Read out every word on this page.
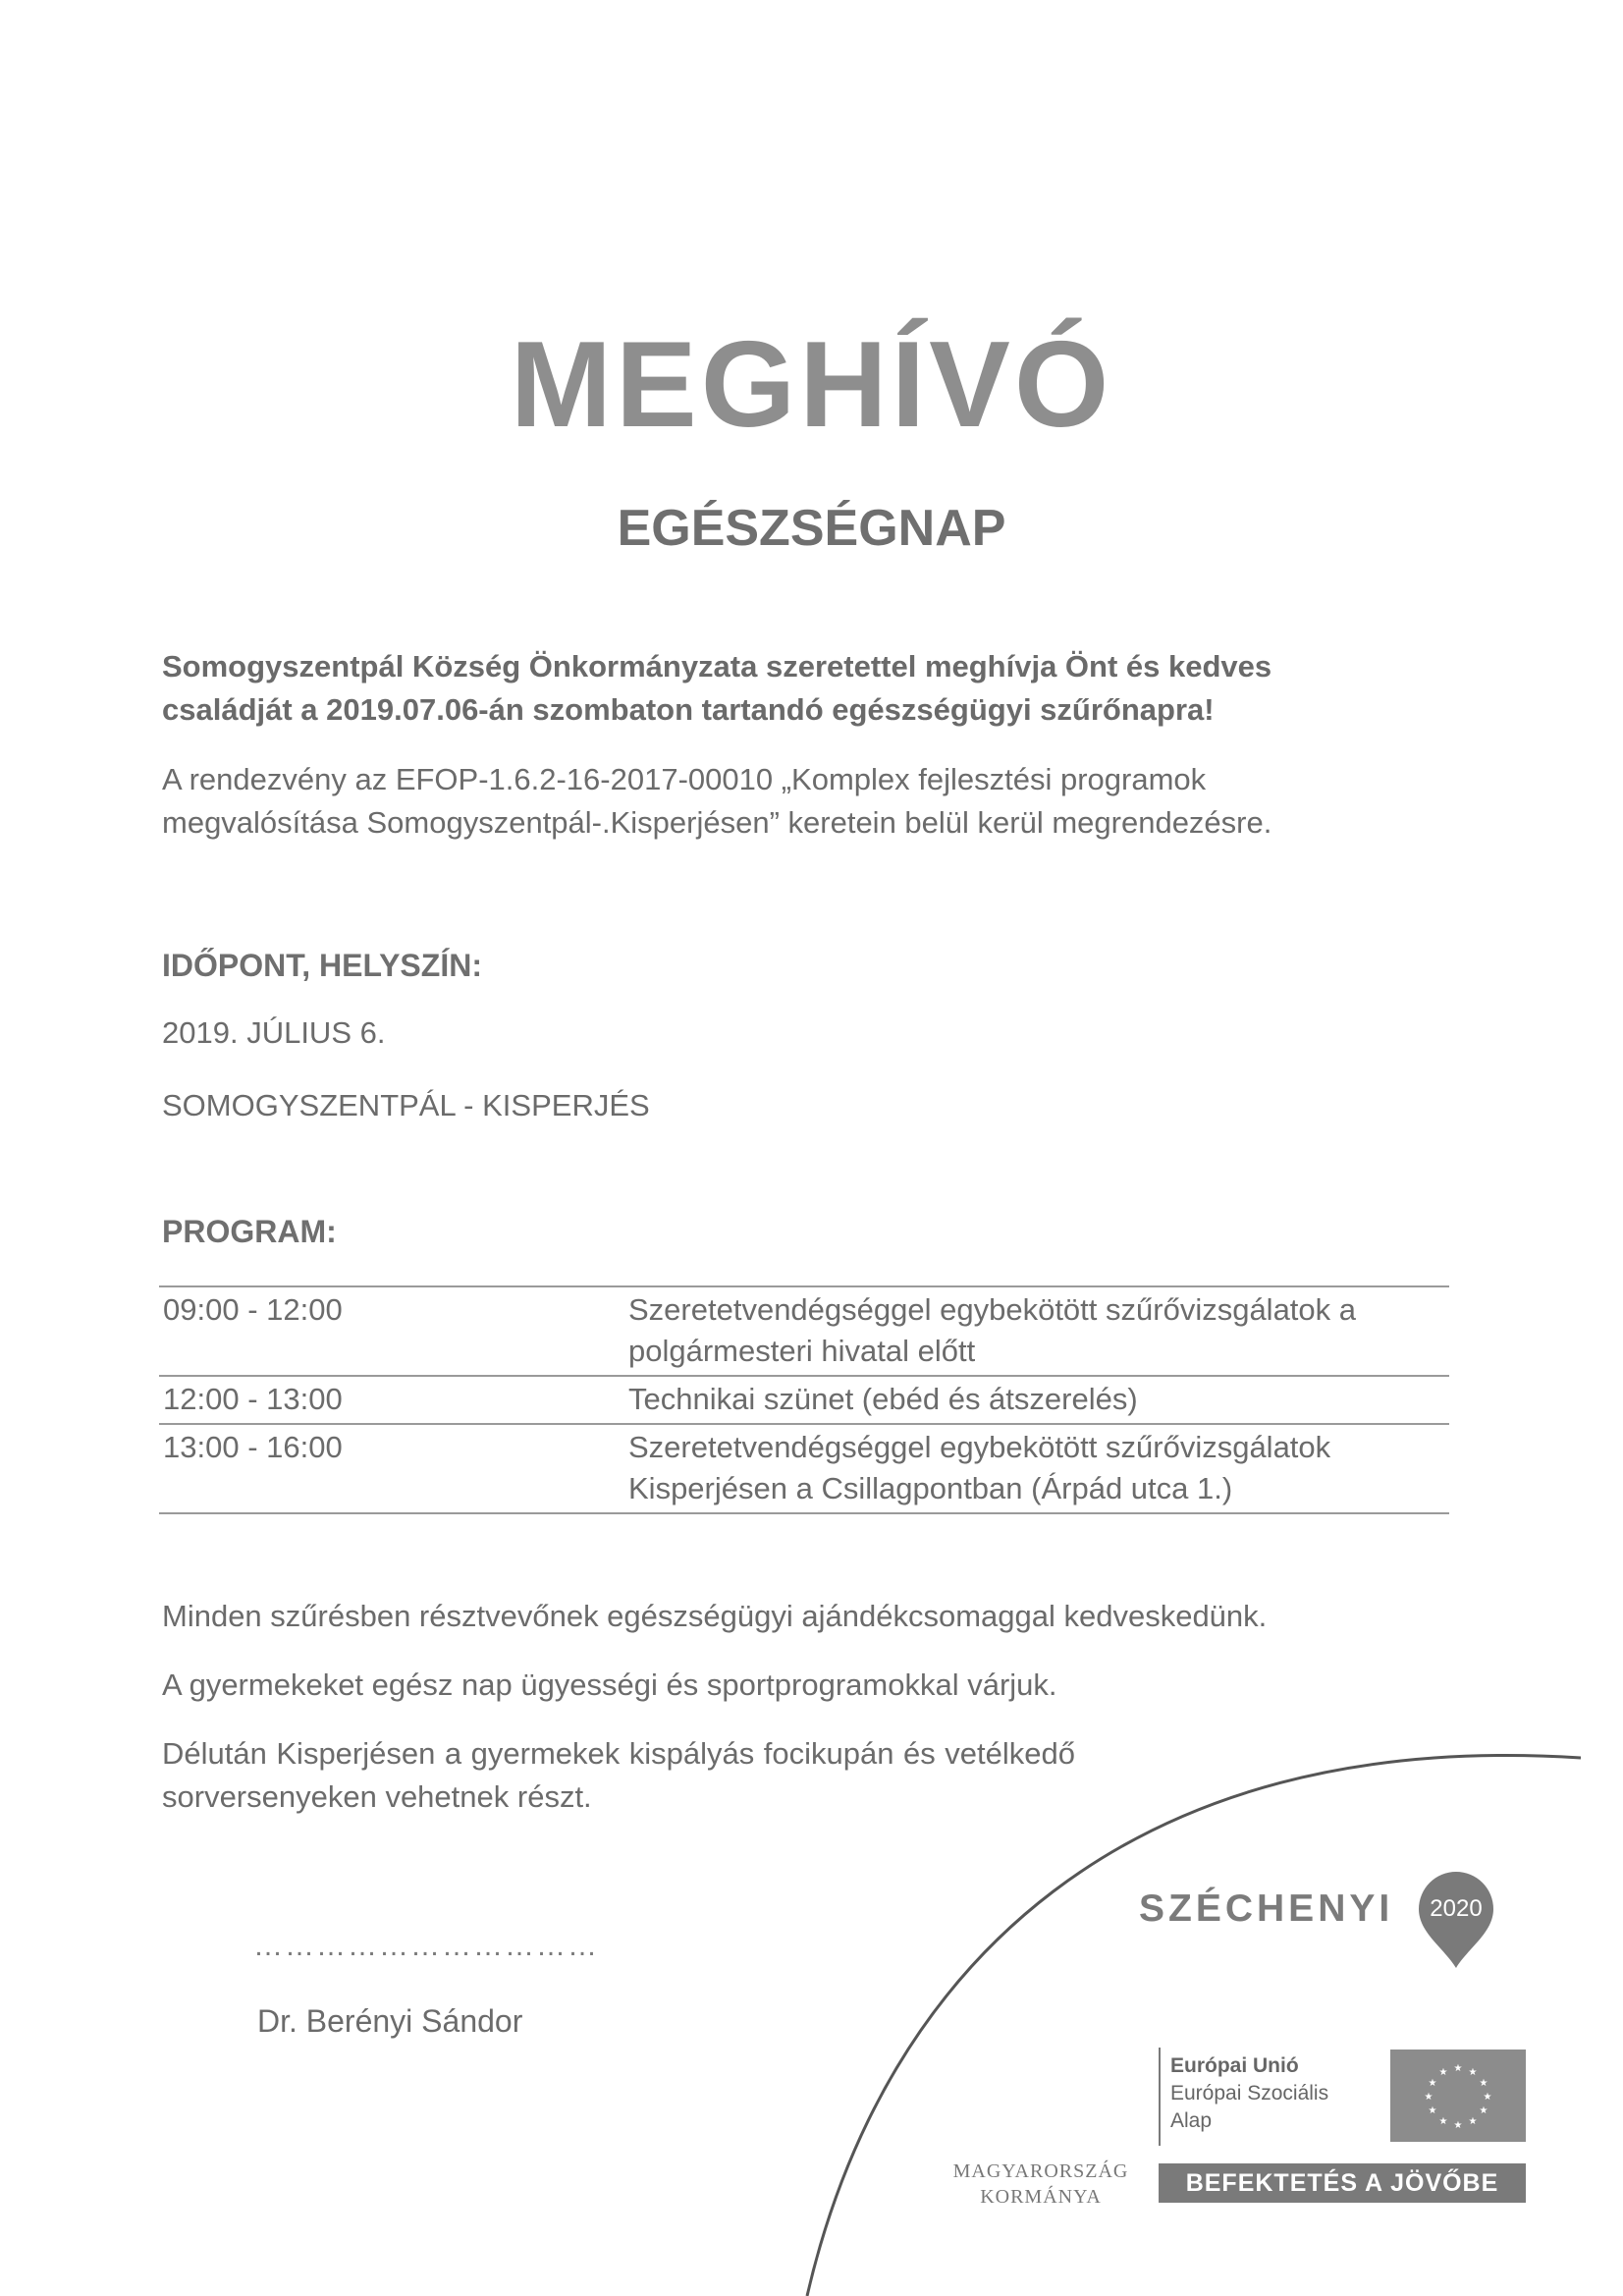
MEGHÍVÓ
EGÉSZSÉGNAP
Somogyszentpál Község Önkormányzata szeretettel meghívja Önt és kedves
családját a 2019.07.06-án szombaton tartandó egészségügyi szűrőnapra!
A rendezvény az EFOP-1.6.2-16-2017-00010 „Komplex fejlesztési programok
megvalósítása Somogyszentpál-.Kisperjésen” keretein belül kerül megrendezésre.
IDŐPONT, HELYSZÍN:
2019. JÚLIUS 6.
SOMOGYSZENTPÁL - KISPERJÉS
PROGRAM:
09:00 - 12:00	Szeretetvendégséggel egybekötött szűrővizsgálatok a polgármesteri hivatal előtt
12:00 - 13:00	Technikai szünet (ebéd és átszerelés)
13:00 - 16:00	Szeretetvendégséggel egybekötött szűrővizsgálatok Kisperjésen a Csillagpontban (Árpád utca 1.)
Minden szűrésben résztvevőnek egészségügyi ajándékcsomaggal kedveskedünk.
A gyermekeket egész nap ügyességi és sportprogramokkal várjuk.
Délután Kisperjésen a gyermekek kispályás focikupán és vetélkedő sorversenyeken vehetnek részt.
……………………………
Dr. Berényi Sándor
SZÉCHENYI	2020
MAGYARORSZÁG
KORMÁNYA
Európai Unió
Európai Szociális
Alap
★ ★
★
★
★
★
★
★
★
★
★
★
BEFEKTETÉS A JÖVŐBE
